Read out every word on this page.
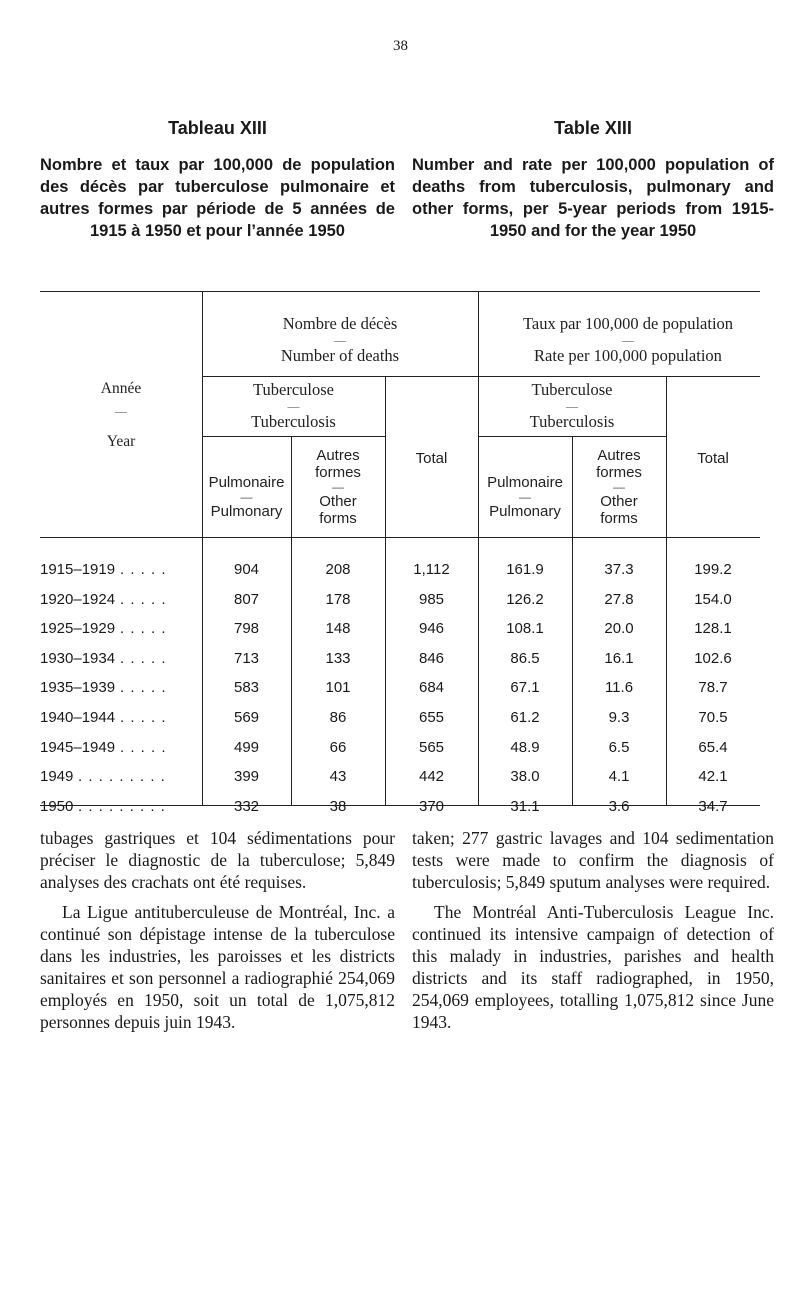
38
Tableau XIII

Nombre et taux par 100,000 de population des décès par tuberculose pulmonaire et autres formes par période de 5 années de 1915 à 1950 et pour l’année 1950

Table XIII

Number and rate per 100,000 population of deaths from tuberculosis, pulmonary and other forms, per 5-year periods from 1915-1950 and for the year 1950

Nombre de décès
—
Number of deaths
Taux par 100,000 de population
—
Rate per 100,000 population
Année
—
Year
Tuberculose
—
Tuberculosis
Tuberculose
—
Tuberculosis
Pulmonaire
—
Pulmonary
Autres formes
—
Other forms
Total
Pulmonaire
—
Pulmonary
Autres formes
—
Other forms
Total
1915–1919 . . . . .	904	208	1,112	161.9	37.3	199.2
1920–1924 . . . . .	807	178	985	126.2	27.8	154.0
1925–1929 . . . . .	798	148	946	108.1	20.0	128.1
1930–1934 . . . . .	713	133	846	86.5	16.1	102.6
1935–1939 . . . . .	583	101	684	67.1	11.6	78.7
1940–1944 . . . . .	569	86	655	61.2	9.3	70.5
1945–1949 . . . . .	499	66	565	48.9	6.5	65.4
1949 . . . . . . . . .	399	43	442	38.0	4.1	42.1
1950 . . . . . . . . .	332	38	370	31.1	3.6	34.7

tubages gastriques et 104 sédimentations pour préciser le diagnostic de la tuberculose; 5,849 analyses des crachats ont été requises.

La Ligue antituberculeuse de Montréal, Inc. a continué son dépistage intense de la tuberculose dans les industries, les paroisses et les districts sanitaires et son personnel a radiographié 254,069 employés en 1950, soit un total de 1,075,812 personnes depuis juin 1943.

taken; 277 gastric lavages and 104 sedimentation tests were made to confirm the diagnosis of tuberculosis; 5,849 sputum analyses were required.

The Montréal Anti-Tuberculosis League Inc. continued its intensive campaign of detection of this malady in industries, parishes and health districts and its staff radiographed, in 1950, 254,069 employees, totalling 1,075,812 since June 1943.
